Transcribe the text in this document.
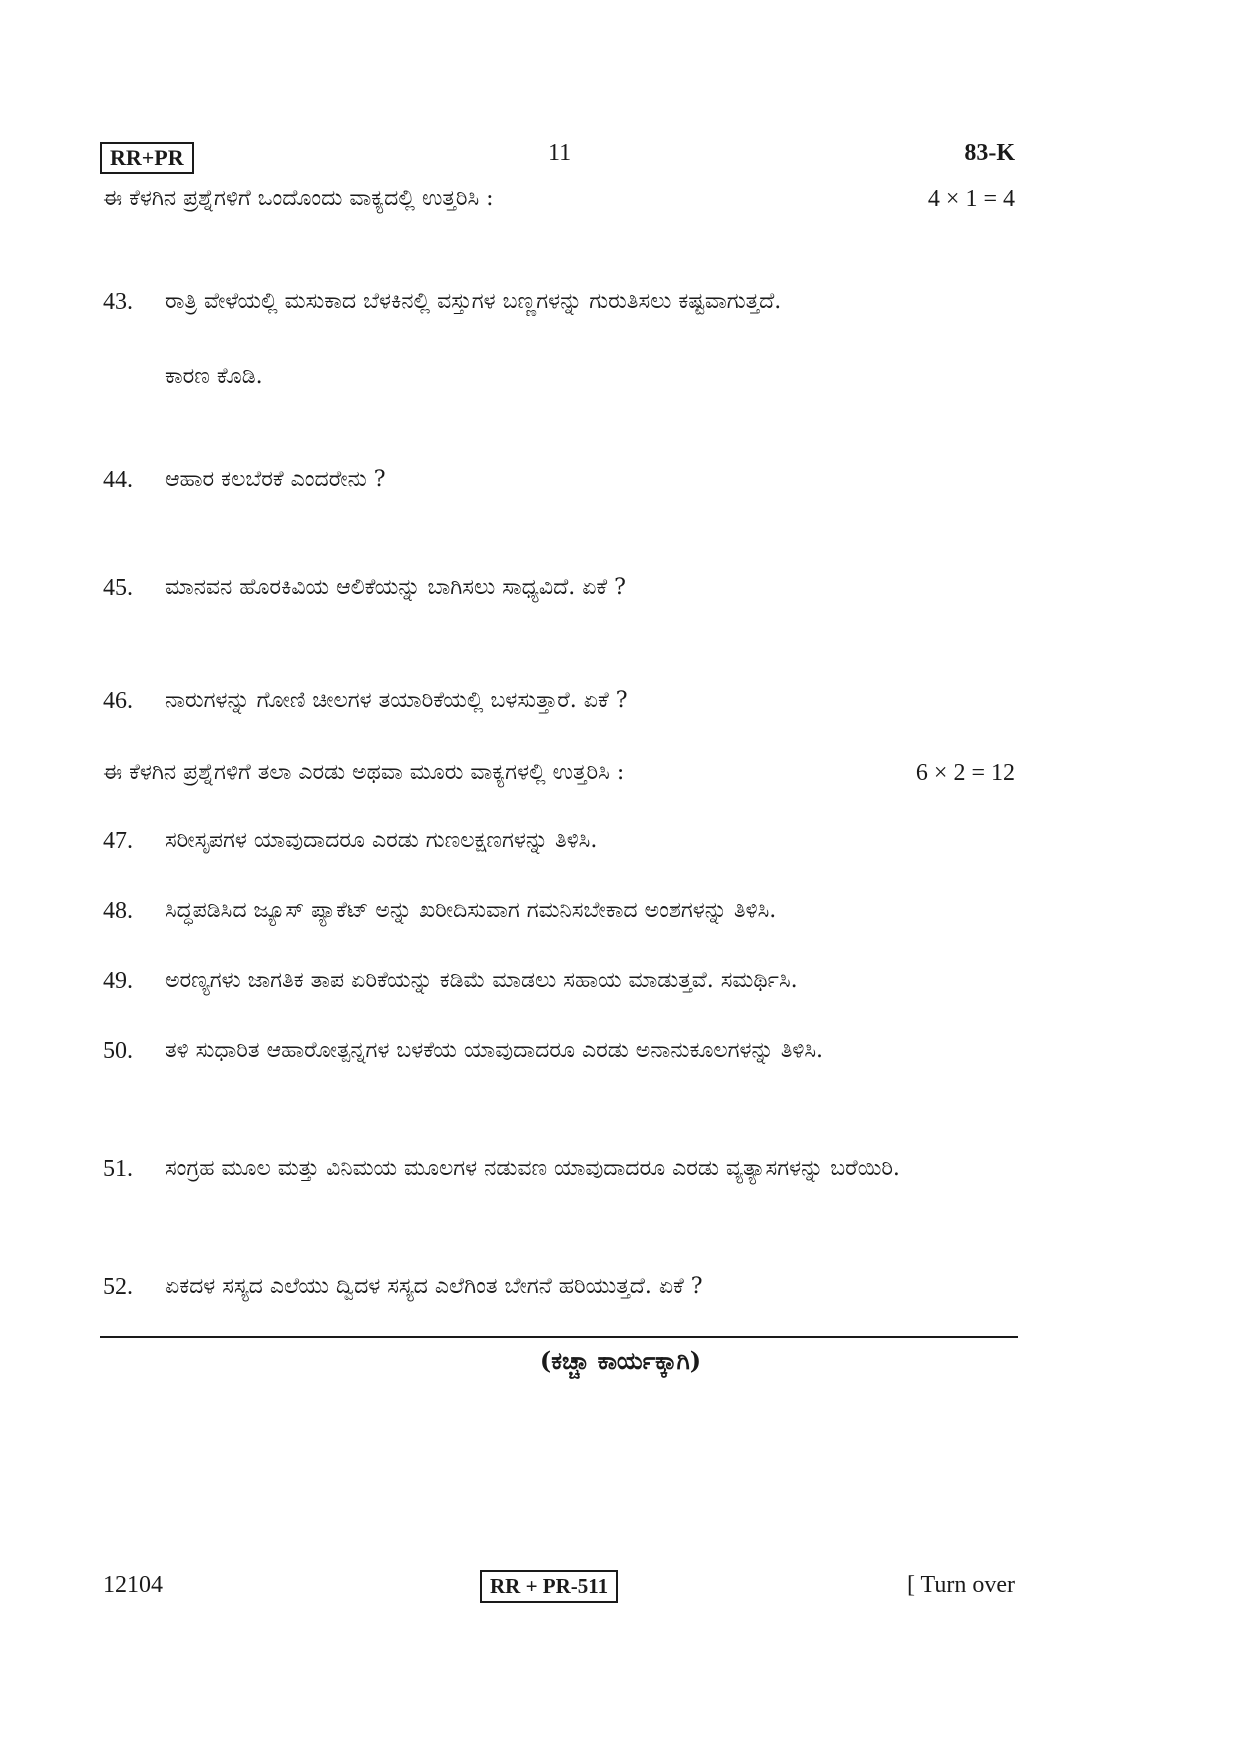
RR+PR	11	83-K
ಈ ಕೆಳಗಿನ ಪ್ರಶ್ನೆಗಳಿಗೆ ಒಂದೊಂದು ವಾಕ್ಯದಲ್ಲಿ ಉತ್ತರಿಸಿ :	4 × 1 = 4
43.	ರಾತ್ರಿ ವೇಳೆಯಲ್ಲಿ ಮಸುಕಾದ ಬೆಳಕಿನಲ್ಲಿ ವಸ್ತುಗಳ ಬಣ್ಣಗಳನ್ನು ಗುರುತಿಸಲು ಕಷ್ಟವಾಗುತ್ತದೆ.
ಕಾರಣ ಕೊಡಿ.
44.	ಆಹಾರ ಕಲಬೆರಕೆ ಎಂದರೇನು ?
45.	ಮಾನವನ ಹೊರಕಿವಿಯ ಆಲಿಕೆಯನ್ನು ಬಾಗಿಸಲು ಸಾಧ್ಯವಿದೆ. ಏಕೆ ?
46.	ನಾರುಗಳನ್ನು ಗೋಣಿ ಚೀಲಗಳ ತಯಾರಿಕೆಯಲ್ಲಿ ಬಳಸುತ್ತಾರೆ. ಏಕೆ ?
ಈ ಕೆಳಗಿನ ಪ್ರಶ್ನೆಗಳಿಗೆ ತಲಾ ಎರಡು ಅಥವಾ ಮೂರು ವಾಕ್ಯಗಳಲ್ಲಿ ಉತ್ತರಿಸಿ :	6 × 2 = 12
47.	ಸರೀಸೃಪಗಳ ಯಾವುದಾದರೂ ಎರಡು ಗುಣಲಕ್ಷಣಗಳನ್ನು ತಿಳಿಸಿ.
48.	ಸಿದ್ಧಪಡಿಸಿದ ಜ್ಯೂಸ್ ಪ್ಯಾಕೆಟ್ ಅನ್ನು ಖರೀದಿಸುವಾಗ ಗಮನಿಸಬೇಕಾದ ಅಂಶಗಳನ್ನು ತಿಳಿಸಿ.
49.	ಅರಣ್ಯಗಳು ಜಾಗತಿಕ ತಾಪ ಏರಿಕೆಯನ್ನು ಕಡಿಮೆ ಮಾಡಲು ಸಹಾಯ ಮಾಡುತ್ತವೆ. ಸಮರ್ಥಿಸಿ.
50.	ತಳಿ ಸುಧಾರಿತ ಆಹಾರೋತ್ಪನ್ನಗಳ ಬಳಕೆಯ ಯಾವುದಾದರೂ ಎರಡು ಅನಾನುಕೂಲಗಳನ್ನು ತಿಳಿಸಿ.
51.	ಸಂಗ್ರಹ ಮೂಲ ಮತ್ತು ವಿನಿಮಯ ಮೂಲಗಳ ನಡುವಣ ಯಾವುದಾದರೂ ಎರಡು ವ್ಯತ್ಯಾಸಗಳನ್ನು ಬರೆಯಿರಿ.
52.	ಏಕದಳ ಸಸ್ಯದ ಎಲೆಯು ದ್ವಿದಳ ಸಸ್ಯದ ಎಲೆಗಿಂತ ಬೇಗನೆ ಹರಿಯುತ್ತದೆ. ಏಕೆ ?
(ಕಚ್ಚಾ ಕಾರ್ಯಕ್ಕಾಗಿ)
12104	RR + PR-511	[ Turn over
